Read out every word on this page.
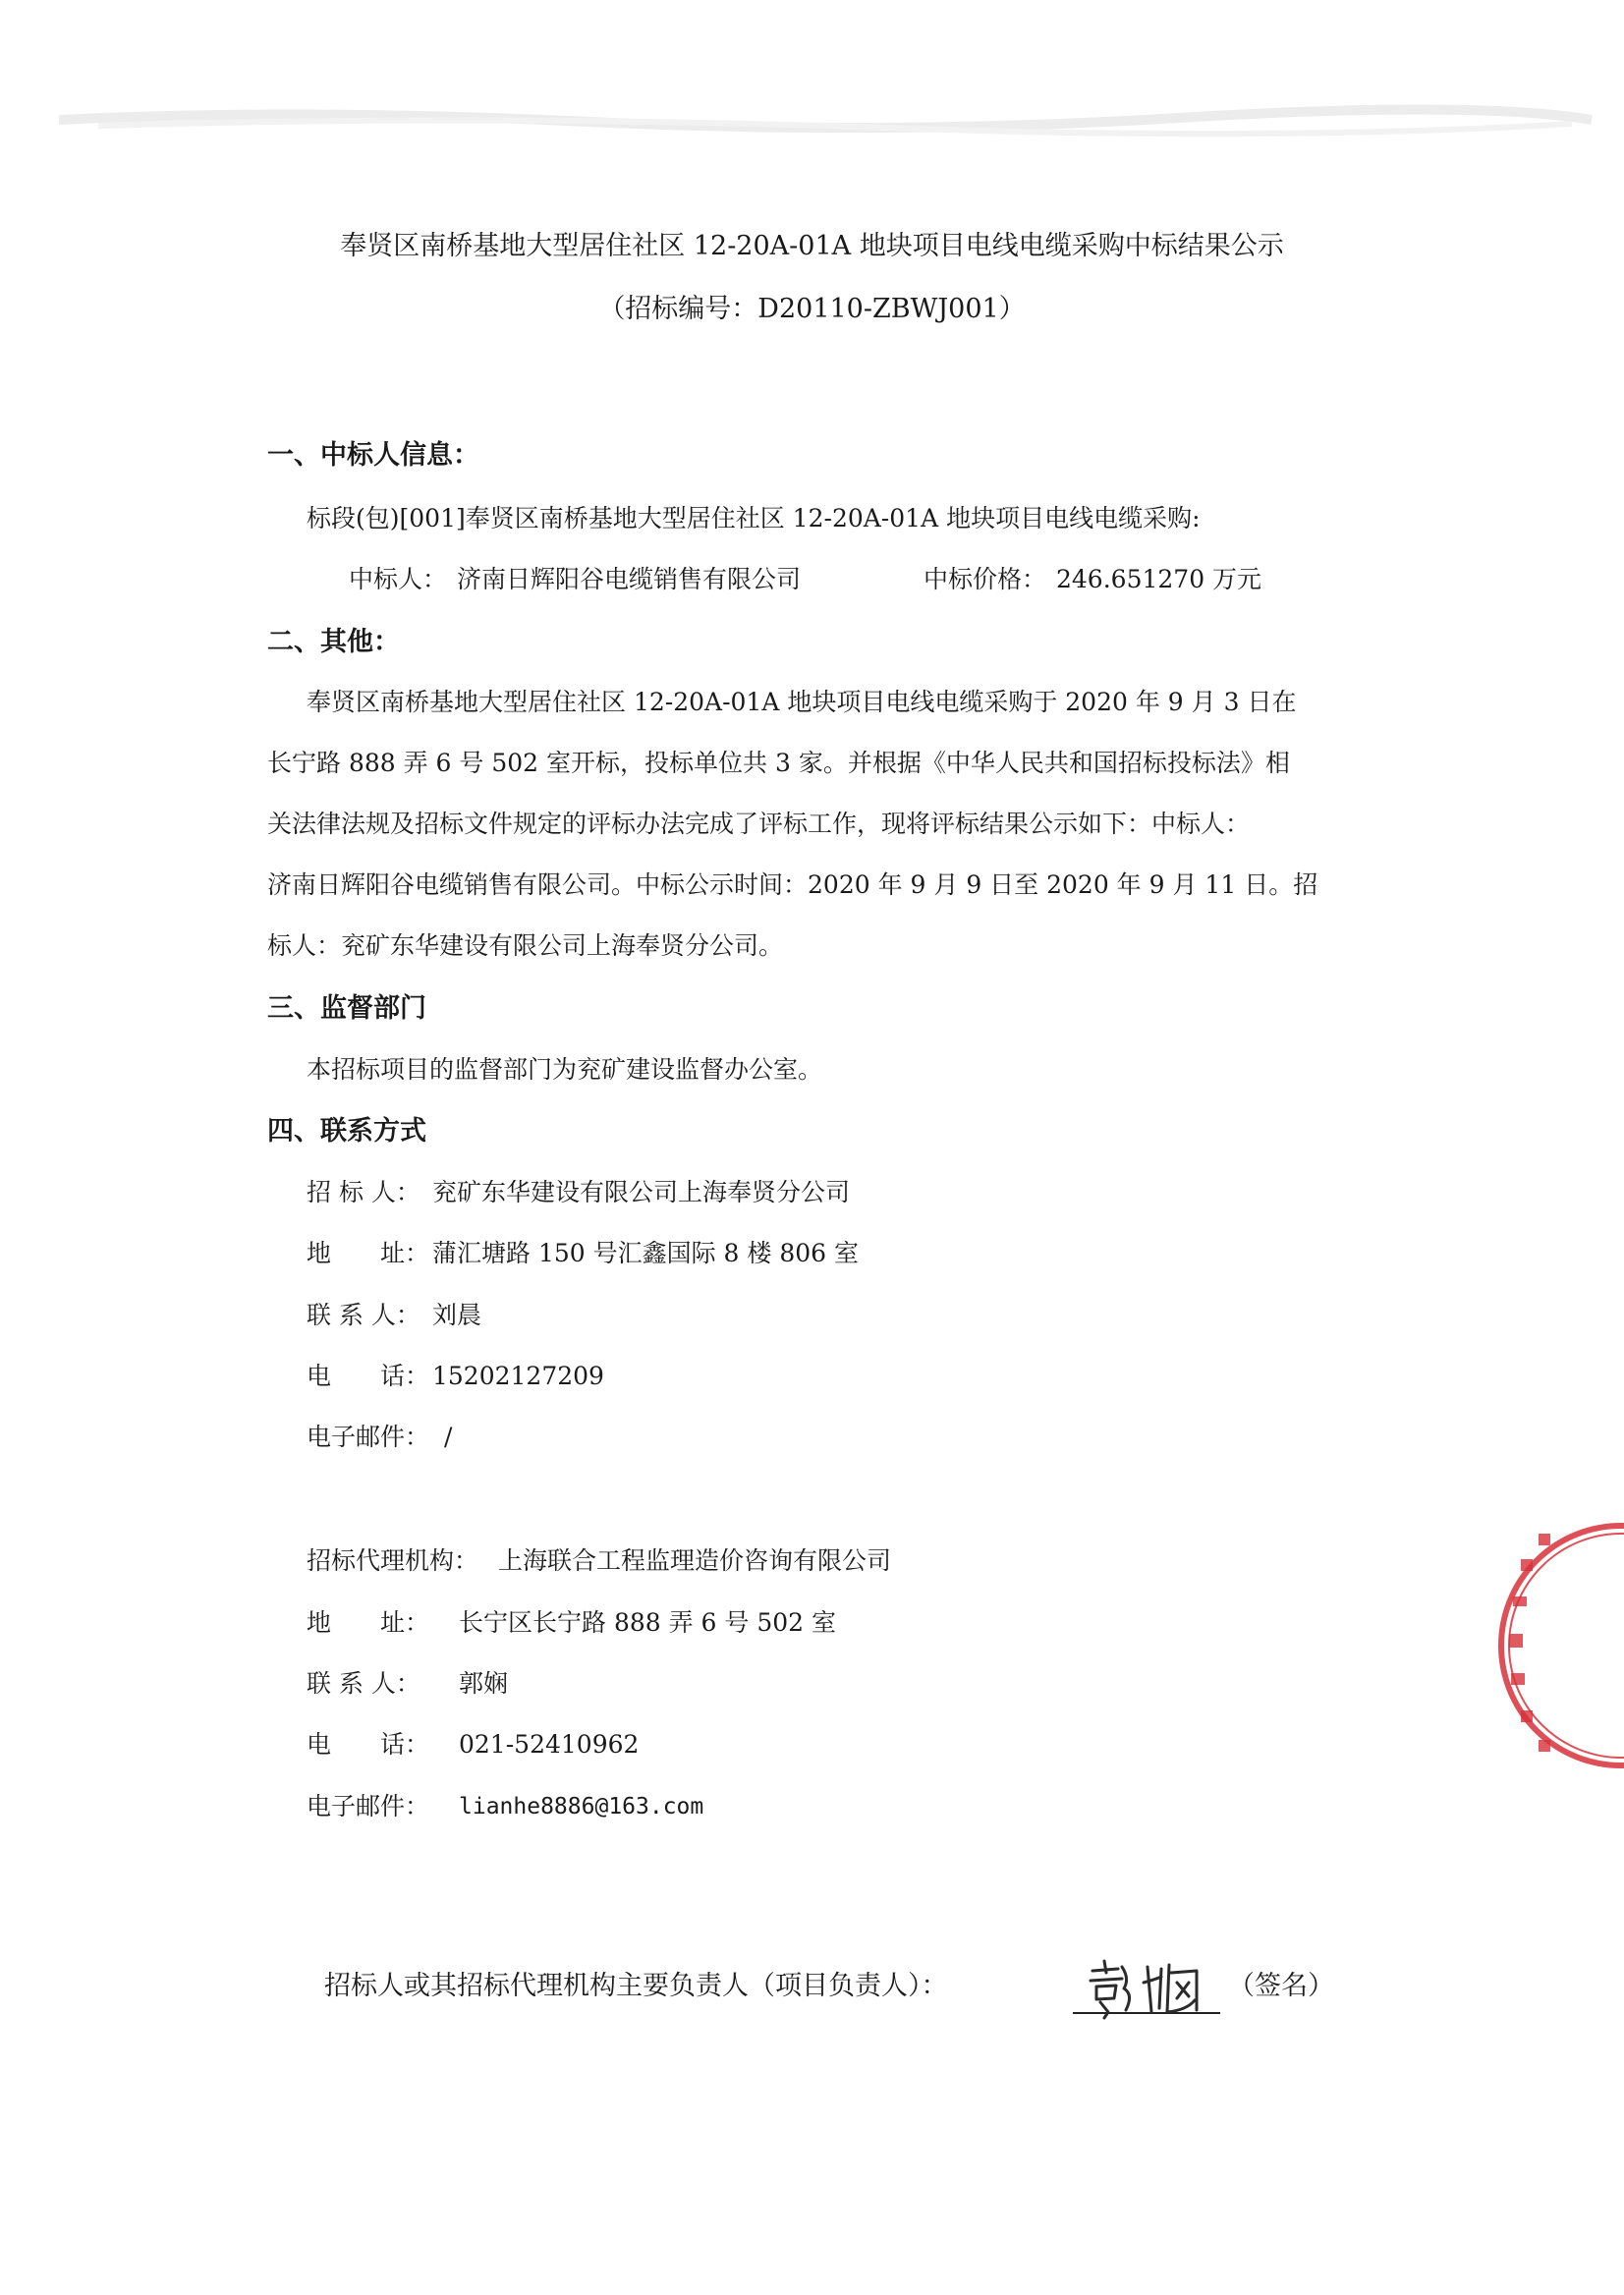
奉贤区南桥基地大型居住社区 12-20A-01A 地块项目电线电缆采购中标结果公示
（招标编号：D20110-ZBWJ001）
一、中标人信息：
标段(包)[001]奉贤区南桥基地大型居住社区 12-20A-01A 地块项目电线电缆采购:
中标人： 济南日辉阳谷电缆销售有限公司	中标价格： 246.651270 万元
二、其他：
奉贤区南桥基地大型居住社区 12-20A-01A 地块项目电线电缆采购于 2020 年 9 月 3 日在
长宁路 888 弄 6 号 502 室开标，投标单位共 3 家。并根据《中华人民共和国招标投标法》相
关法律法规及招标文件规定的评标办法完成了评标工作，现将评标结果公示如下：中标人：
济南日辉阳谷电缆销售有限公司。中标公示时间：2020 年 9 月 9 日至 2020 年 9 月 11 日。招
标人：兖矿东华建设有限公司上海奉贤分公司。
三、监督部门
本招标项目的监督部门为兖矿建设监督办公室。
四、联系方式
招 标 人： 兖矿东华建设有限公司上海奉贤分公司
地　　址： 蒲汇塘路 150 号汇鑫国际 8 楼 806 室
联 系 人： 刘晨
电　　话： 15202127209
电子邮件： /
招标代理机构： 上海联合工程监理造价咨询有限公司
地　　址： 长宁区长宁路 888 弄 6 号 502 室
联 系 人： 郭娴
电　　话： 021-52410962
电子邮件： lianhe8886@163.com
招标人或其招标代理机构主要负责人（项目负责人）：	（签名）
